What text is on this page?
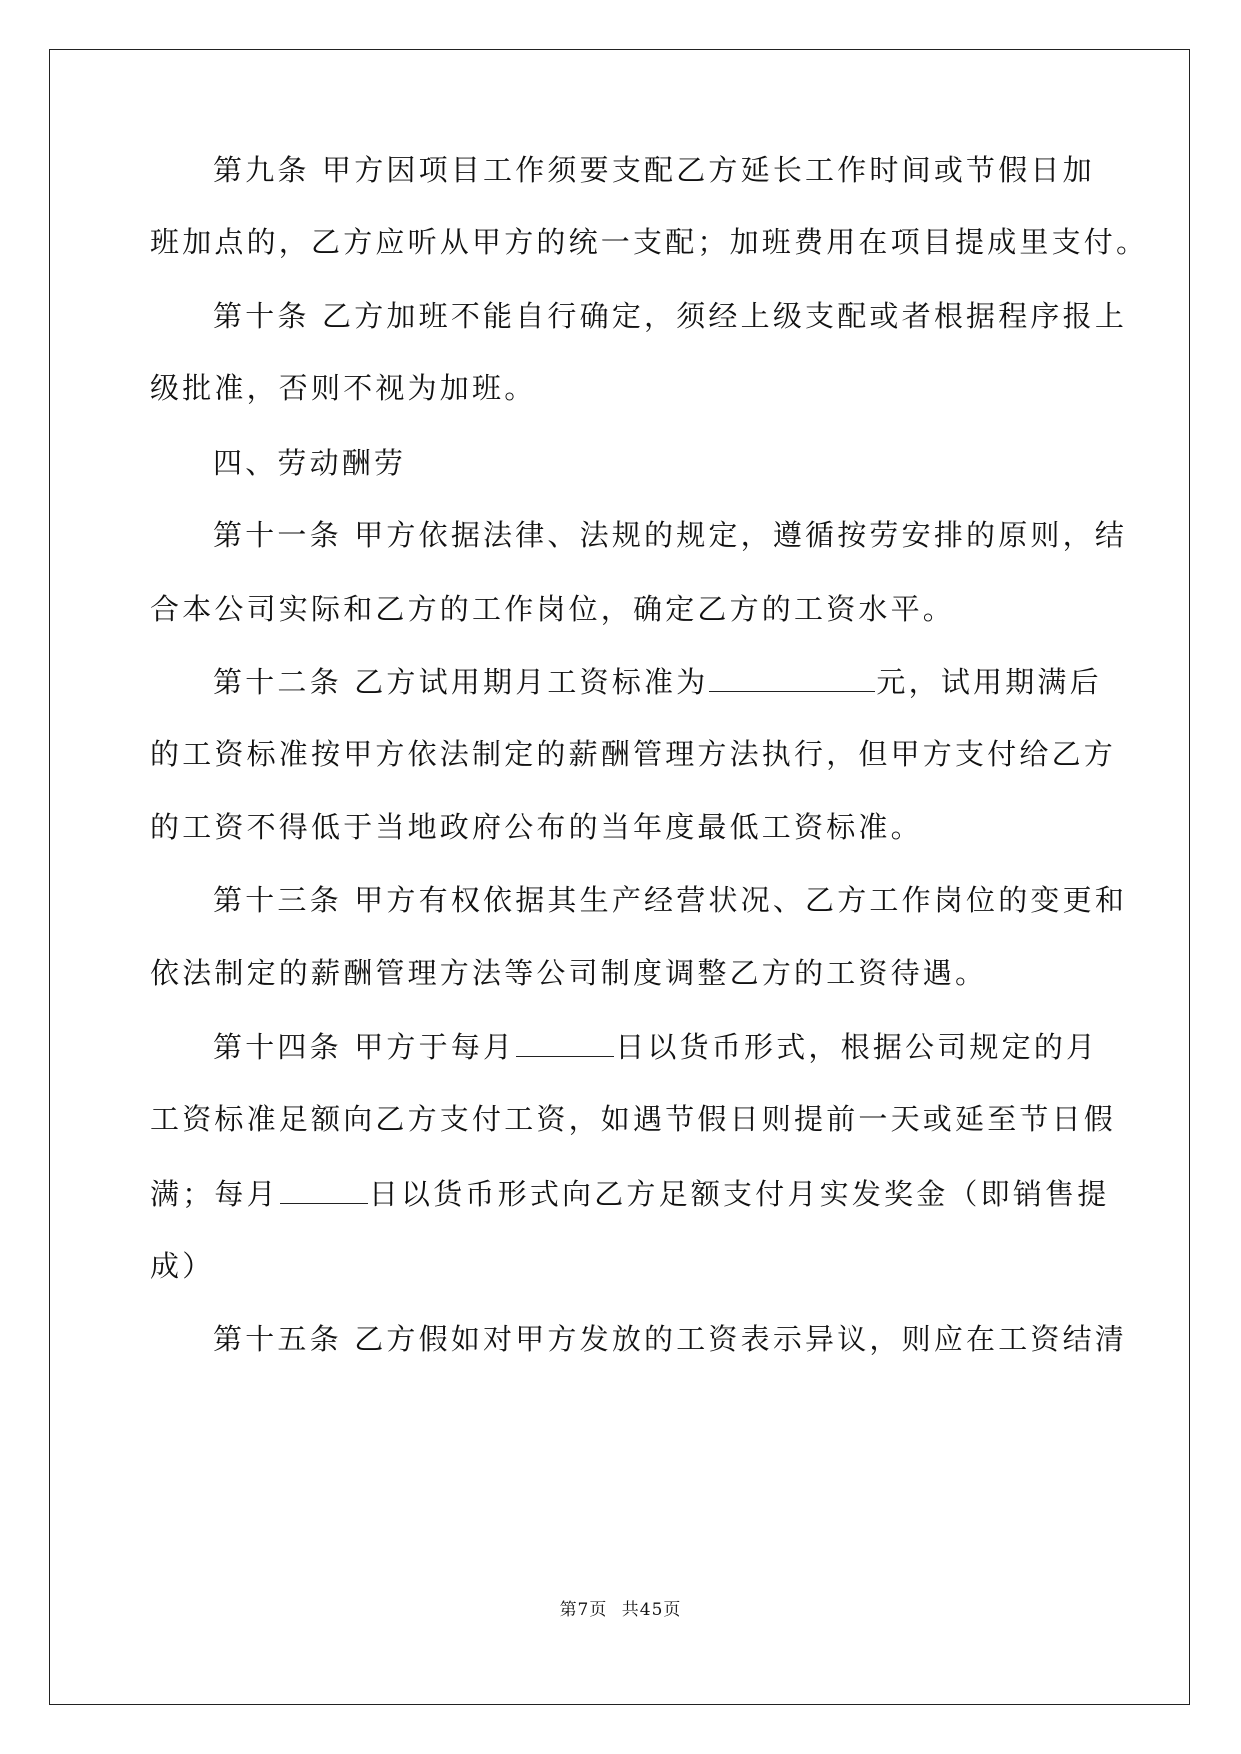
第九条 甲方因项目工作须要支配乙方延长工作时间或节假日加
班加点的，乙方应听从甲方的统一支配；加班费用在项目提成里支付。
第十条 乙方加班不能自行确定，须经上级支配或者根据程序报上
级批准，否则不视为加班。
四、劳动酬劳
第十一条 甲方依据法律、法规的规定，遵循按劳安排的原则，结
合本公司实际和乙方的工作岗位，确定乙方的工资水平。
第十二条 乙方试用期月工资标准为	元，试用期满后
的工资标准按甲方依法制定的薪酬管理方法执行，但甲方支付给乙方
的工资不得低于当地政府公布的当年度最低工资标准。
第十三条 甲方有权依据其生产经营状况、乙方工作岗位的变更和
依法制定的薪酬管理方法等公司制度调整乙方的工资待遇。
第十四条 甲方于每月	日以货币形式，根据公司规定的月
工资标准足额向乙方支付工资，如遇节假日则提前一天或延至节日假
满；每月	日以货币形式向乙方足额支付月实发奖金（即销售提
成）
第十五条 乙方假如对甲方发放的工资表示异议，则应在工资结清
第7页 共45页
